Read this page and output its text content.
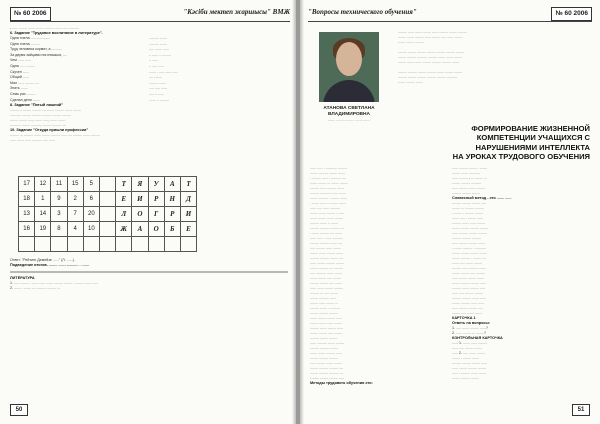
№ 60 2006	"Кәсіби мектеп жаршысы" ВМЖ
- ...... ........ ....... ........ ......... ....... ..... ..........
6. Задание "Трудовое воспитание в литературе".
Одна пчела ...................	.......... .......
Одна пчела .........	.......... .......
Труд человека кормит, а ..........	..... ....... ......
За двумя зайцами погонишься, ....	.. ...... .. .........
Чем ...... ......	.. ......
Одна ..... .........	.. ..... ......
Скучен ......	....... . ..... ...... ......
Общий ......	.... ........
Мал ...... ......... ....	......... .......
Знать .......	..... ..... ......
Семь раз .........	..... .. ......
Сделал дело .......	....... .. .........
8. Задание "Пятый лишний"
......... .. ........ ......... .... ....... ......... ....... ........
........... ......... ......... ......... ......... .........
........ ........ ....., ....... ....., ....... .......
........... ........ ........., ......... ......... ....
10. Задание "Откуда пришли профессии"
......... ... ......... ....... ........ ......... ...... .... ......... ....... .........
...... ....... ...... .......... ..... ......
17	12	11	15	5		Т	Я	У	А	Т
18	1	9	2	6		Е	И	Р	Н	Д
13	14	3	7	20		Л	О	Г	Р	И
16	19	8	4	10		Ж	А	О	Б	Е

Ответ: "Рейтинг Демейзе ......" (Л. ......).
Подведение итогов. ........ ....... ........... . .......
ЛИТЕРАТУРА
1. ..... ......... . ...... ...... ....... ......... ........ . ........ ....... ......
2. ....... . ....... .... ......... ......... ...
50
"Вопросы технического обучения"	№ 60 2006
АТАНОВА СВЕТЛАНА ВЛАДИМИРОВНА
........ .......... ........ ........ .......
......... ...... ....... ........ ...... ......... ........ .........
........ ....... ......... ...... ........ ..... ...... ........
....... ........ .........
......... ........ ......... ........ ......... ......... ........
........ ......... .......... ......... ....... ....... ........
........ ....... ...... ......... ......... ......... .......
......... ......... ........ ......... ....... ........ ........
......... ........ ......... ......... ......... ..........
....... ......... .......
ФОРМИРОВАНИЕ ЖИЗНЕННОЙ
КОМПЕТЕНЦИИ УЧАЩИХСЯ С
НАРУШЕНИЯМИ ИНТЕЛЛЕКТА
НА УРОКАХ ТРУДОВОГО ОБУЧЕНИЯ
...... ...... . ........... .........
........ ......... ........ .......
. ......... ...... . .......... ....
....... ........ ... ........ ........
......... ...... ......... .......
......... ........... ...... .......
....... .......... . ........ .......
. ....... ...... .. ........ .......
...... ..... ...... ..........
........ ....... ........ . ......
....... ........ ....... ........
......... ....... .. .......
......... ......... ......... ....
. ....... ......... .... .......
...... ..... . ....... ..........
......... ......... ....... ....
..... ......... ...... ........
........ ....... ........ .......
......... ......... ........ ....
...... ........ ......... ........
........ ......... .... .........
..... .......... ....... .......
....... ........ ..... ........
......... ........ ..... .......
...... ....... ........ .........
......... ... ..... ........
........ .......... ......
........ ...... ........ ...
......... ....... . ..........
........ ......... .........
....... ........ ........ ......
........ ....... ...... ........
......... ....... ........ ......
........ ........ ..... ........
......... ........ ........
...... .......... ....... ........
......... ......... ........
....... ....... ......... ......
........ ......... .........
...... ........ ....... ........
........ ......... ......... ....
........ ......... .......... ...
......... ........ ......... .....
Методы трудового обучения это:
...... ......... ........ . .......
........ ....... ...........
...... ......... - ... ........ ...
........ ......... ..........
...... ........ ........ ........
......... ......... ........
Словесный метод - это ....... ......
......... ......... ........ .....
........ ... ......... .........
. ........ . ......... ........
....... ..... . ........ ......
......... ....... ...... ........
........ ........ ......... ........
...... ......... ........ .........
......... ......... .........
...... ......... ........ .......
. ........ ......... . ...........
........ ........ ........ ........
........ ......... . ........ ....
....... ..... ....... ........
......... ...... ......... .......
........ ........ ..... .........
...... ........ ........ .......
........ ......... ........ ......
......... ....... ......... .....
...... ..... ......... ........
......... ......... ....... ......
........ ......... ...... ......
...... ........ ......... .....
........ ..... ....... .......
КАРТОЧКА 1
Ответь на вопросы:
1. ..... ....... ......... ......?
2. ...... ........ ... ........?
КОНТРОЛЬНАЯ КАРТОЧКА
...... 1. ....... ...... .........
...... ..... ........ ........
...... 2. ..... ....... ........
........ . ........ .......
......... ......... ........ ......
...... ........ ......... ........
...... . ......... ....... .......
........ ......... ........
51
